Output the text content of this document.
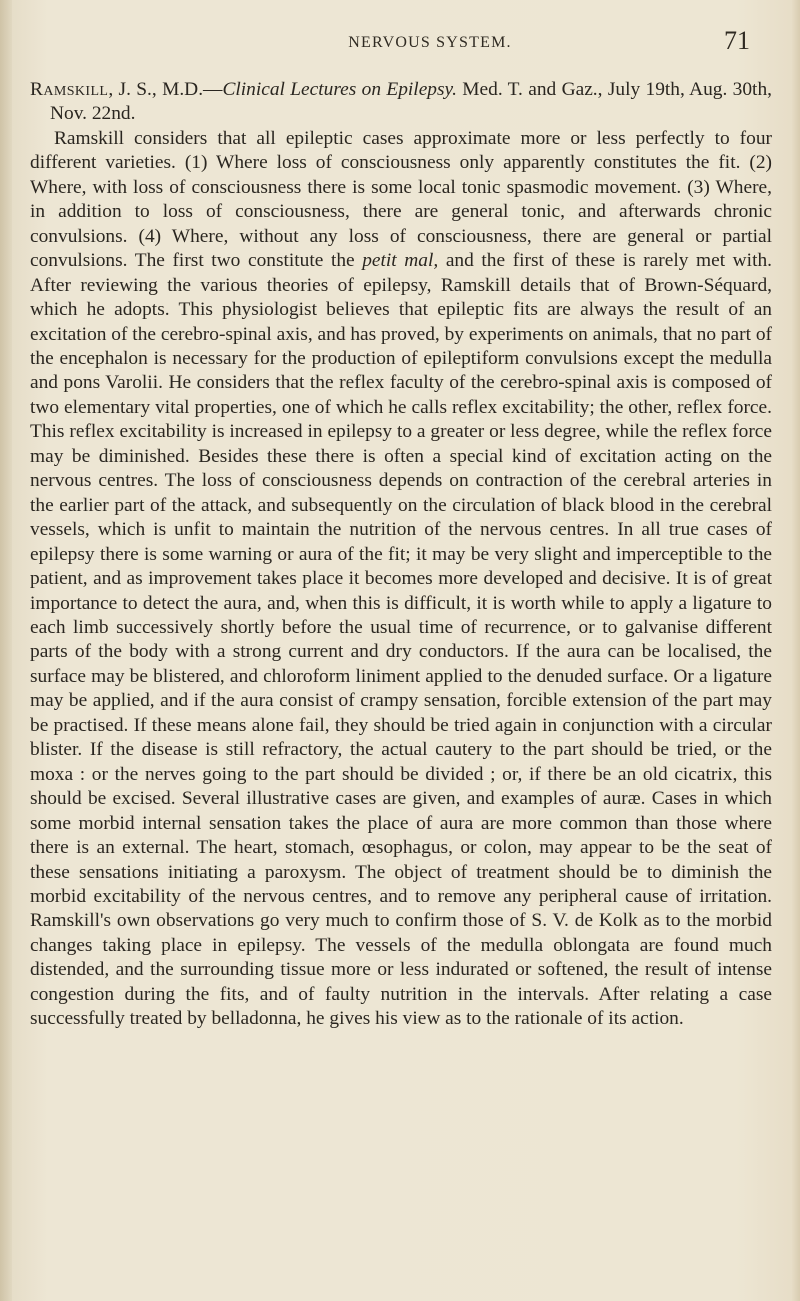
NERVOUS SYSTEM.	71

Ramskill, J. S., M.D.—Clinical Lectures on Epilepsy. Med. T. and Gaz., July 19th, Aug. 30th, Nov. 22nd.

Ramskill considers that all epileptic cases approximate more or less perfectly to four different varieties. (1) Where loss of consciousness only apparently constitutes the fit. (2) Where, with loss of consciousness there is some local tonic spasmodic movement. (3) Where, in addition to loss of consciousness, there are general tonic, and afterwards chronic convulsions. (4) Where, without any loss of consciousness, there are general or partial convulsions. The first two constitute the petit mal, and the first of these is rarely met with. After reviewing the various theories of epilepsy, Ramskill details that of Brown-Séquard, which he adopts. This physiologist believes that epileptic fits are always the result of an excitation of the cerebro-spinal axis, and has proved, by experiments on animals, that no part of the encephalon is necessary for the production of epileptiform convulsions except the medulla and pons Varolii. He considers that the reflex faculty of the cerebro-spinal axis is composed of two elementary vital properties, one of which he calls reflex excitability; the other, reflex force. This reflex excitability is increased in epilepsy to a greater or less degree, while the reflex force may be diminished. Besides these there is often a special kind of excitation acting on the nervous centres. The loss of consciousness depends on contraction of the cerebral arteries in the earlier part of the attack, and subsequently on the circulation of black blood in the cerebral vessels, which is unfit to maintain the nutrition of the nervous centres. In all true cases of epilepsy there is some warning or aura of the fit; it may be very slight and imperceptible to the patient, and as improvement takes place it becomes more developed and decisive. It is of great importance to detect the aura, and, when this is difficult, it is worth while to apply a ligature to each limb successively shortly before the usual time of recurrence, or to galvanise different parts of the body with a strong current and dry conductors. If the aura can be localised, the surface may be blistered, and chloroform liniment applied to the denuded surface. Or a ligature may be applied, and if the aura consist of crampy sensation, forcible extension of the part may be practised. If these means alone fail, they should be tried again in conjunction with a circular blister. If the disease is still refractory, the actual cautery to the part should be tried, or the moxa : or the nerves going to the part should be divided ; or, if there be an old cicatrix, this should be excised. Several illustrative cases are given, and examples of auræ. Cases in which some morbid internal sensation takes the place of aura are more common than those where there is an external. The heart, stomach, œsophagus, or colon, may appear to be the seat of these sensations initiating a paroxysm. The object of treatment should be to diminish the morbid excitability of the nervous centres, and to remove any peripheral cause of irritation. Ramskill's own observations go very much to confirm those of S. V. de Kolk as to the morbid changes taking place in epilepsy. The vessels of the medulla oblongata are found much distended, and the surrounding tissue more or less indurated or softened, the result of intense congestion during the fits, and of faulty nutrition in the intervals. After relating a case successfully treated by belladonna, he gives his view as to the rationale of its action.
